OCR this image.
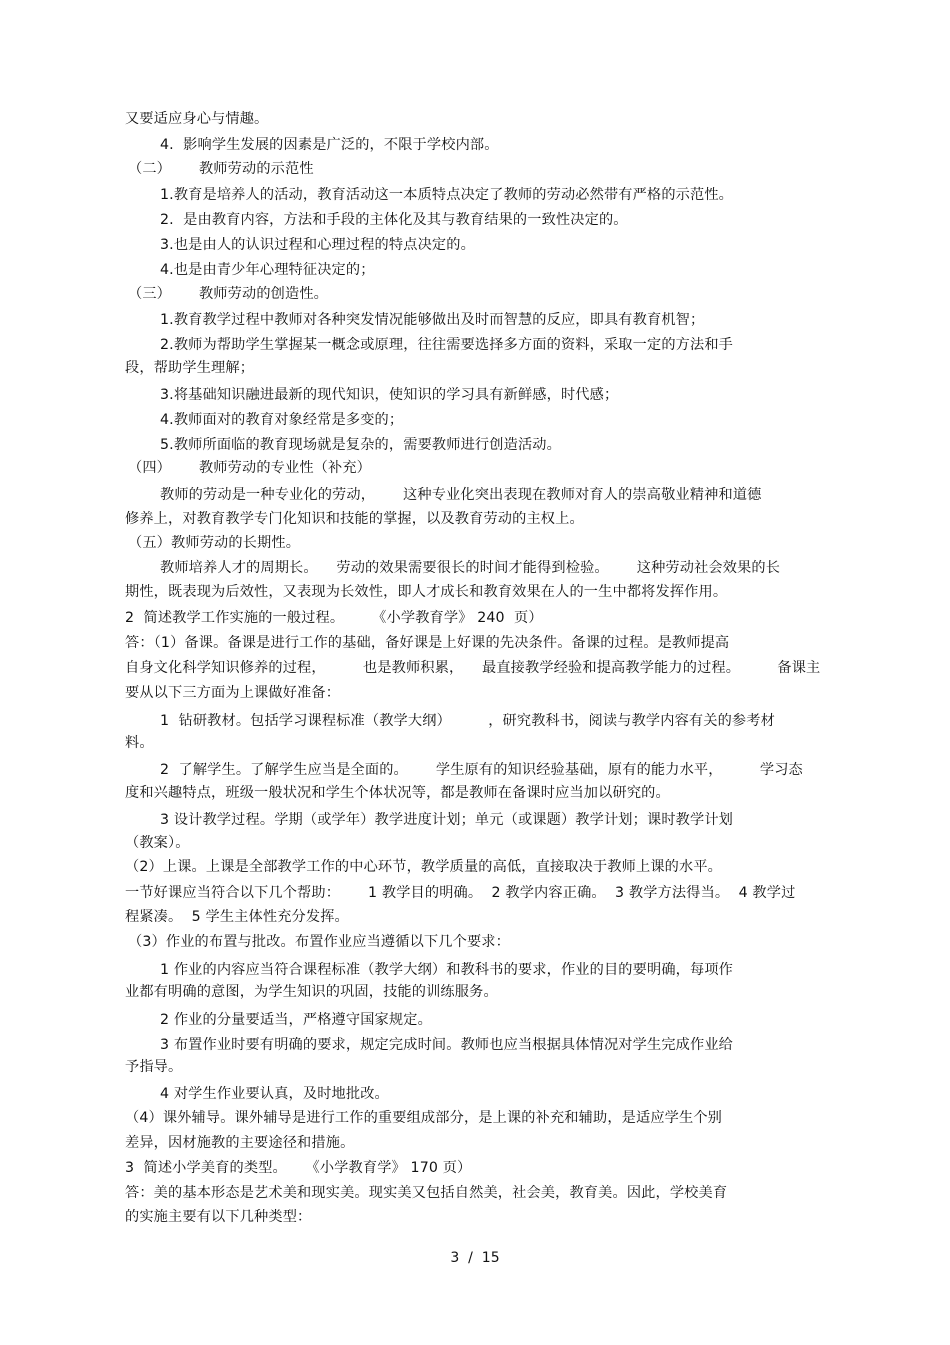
又要适应身心与情趣。
4.  影响学生发展的因素是广泛的，不限于学校内部。
（二）      教师劳动的示范性
1.教育是培养人的活动，教育活动这一本质特点决定了教师的劳动必然带有严格的示范性。
2.  是由教育内容，方法和手段的主体化及其与教育结果的一致性决定的。
3.也是由人的认识过程和心理过程的特点决定的。
4.也是由青少年心理特征决定的；
（三）      教师劳动的创造性。
1.教育教学过程中教师对各种突发情况能够做出及时而智慧的反应，即具有教育机智；
2.教师为帮助学生掌握某一概念或原理，往往需要选择多方面的资料，采取一定的方法和手
段，帮助学生理解；
3.将基础知识融进最新的现代知识，使知识的学习具有新鲜感，时代感；
4.教师面对的教育对象经常是多变的；
5.教师所面临的教育现场就是复杂的，需要教师进行创造活动。
（四）      教师劳动的专业性（补充）
教师的劳动是一种专业化的劳动，      这种专业化突出表现在教师对育人的崇高敬业精神和道德
修养上，对教育教学专门化知识和技能的掌握，以及教育劳动的主权上。
（五）教师劳动的长期性。
教师培养人才的周期长。    劳动的效果需要很长的时间才能得到检验。      这种劳动社会效果的长
期性，既表现为后效性，又表现为长效性，即人才成长和教育效果在人的一生中都将发挥作用。
2  简述教学工作实施的一般过程。      《小学教育学》 240  页）
答：（1）备课。备课是进行工作的基础，备好课是上好课的先决条件。备课的过程。是教师提高
自身文化科学知识修养的过程，        也是教师积累，    最直接教学经验和提高教学能力的过程。        备课主
要从以下三方面为上课做好准备：
1  钻研教材。包括学习课程标准（教学大纲）        ，研究教科书，阅读与教学内容有关的参考材
料。
2  了解学生。了解学生应当是全面的。      学生原有的知识经验基础，原有的能力水平，        学习态
度和兴趣特点，班级一般状况和学生个体状况等，都是教师在备课时应当加以研究的。
3 设计教学过程。学期（或学年）教学进度计划；单元（或课题）教学计划；课时教学计划
（教案）。
（2）上课。上课是全部教学工作的中心环节，教学质量的高低，直接取决于教师上课的水平。
一节好课应当符合以下几个帮助：      1 教学目的明确。  2 教学内容正确。  3 教学方法得当。  4 教学过
程紧凑。  5 学生主体性充分发挥。
（3）作业的布置与批改。布置作业应当遵循以下几个要求：
1 作业的内容应当符合课程标准（教学大纲）和教科书的要求，作业的目的要明确，每项作
业都有明确的意图，为学生知识的巩固，技能的训练服务。
2 作业的分量要适当，严格遵守国家规定。
3 布置作业时要有明确的要求，规定完成时间。教师也应当根据具体情况对学生完成作业给
予指导。
4 对学生作业要认真，及时地批改。
（4）课外辅导。课外辅导是进行工作的重要组成部分，是上课的补充和辅助，是适应学生个别
差异，因材施教的主要途径和措施。
3  简述小学美育的类型。    《小学教育学》 170 页）
答：美的基本形态是艺术美和现实美。现实美又包括自然美，社会美，教育美。因此，学校美育
的实施主要有以下几种类型：
3  /  15
